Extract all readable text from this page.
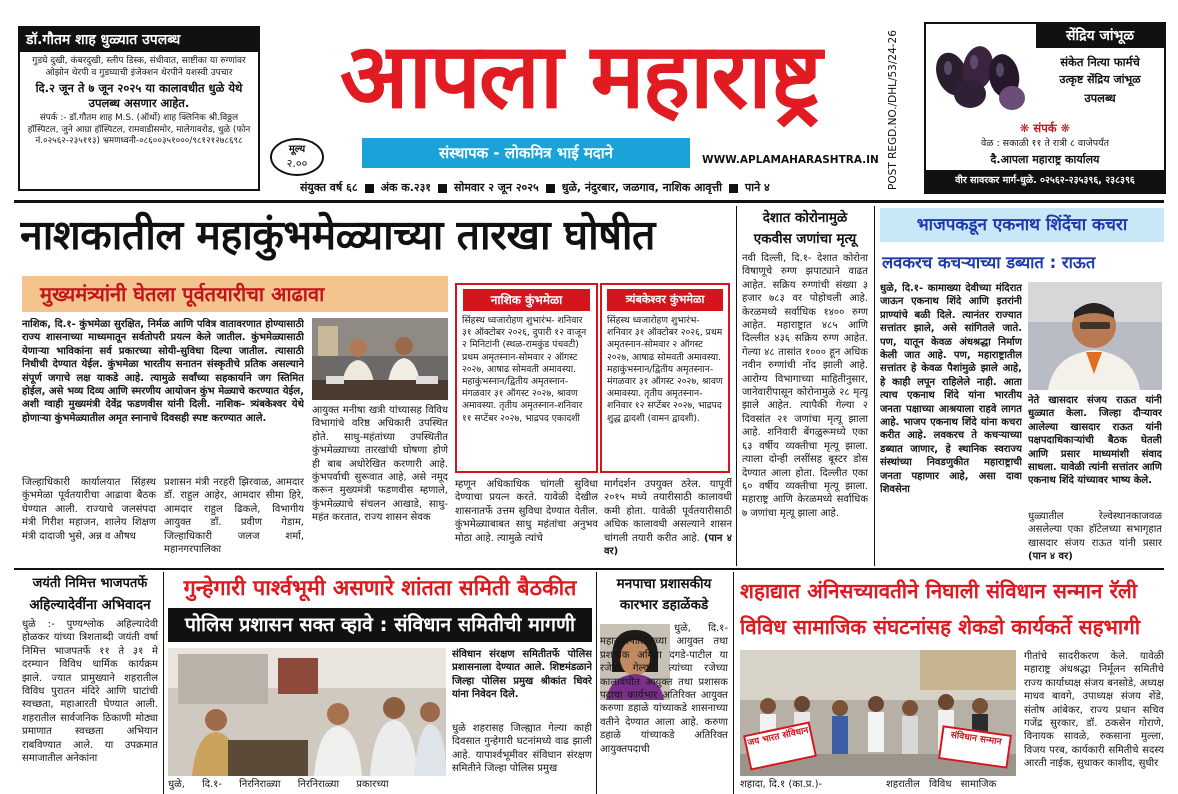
डॉ.गौतम शाह धुळ्यात उपलब्ध
गुडघे दुखी, कंबरदुखी, स्लीप डिस्क, संधीवात, साष्टीका या रुग्णांवर ओझोन थेरपी व गुडघ्याची इंजेक्शन थेरपीने यशस्वी उपचार
दि.२ जून ते ७ जून २०२५ या कालावधीत धुळे येथे उपलब्ध असणार आहेत.
संपर्क :- डॉ.गौतम शाह M.S. (ऑर्थो) शाह क्लिनिक श्री.विठ्ठल हॉस्पिटल, जुने आग्रा हॉस्पिटल, रामवाडीसमोर, मालेगावरोड, धुळे (फोन नं.०२५६२-२३५११३) भ्रमणध्वनी-०८६००३५१०००/९८१२१२७८६९८
मूल्य
२.००
आपला महाराष्ट्र
संस्थापक - लोकमित्र भाई मदाने	WWW.APLAMAHARASHTRA.IN
संयुक्त वर्ष ६८ अंक क.२३१ सोमवार २ जून २०२५ धुळे, नंदुरबार, जळगाव, नाशिक आवृत्ती पाने ४	POST REGD.NO./DHL/53/24-26	सेंद्रिय जांभूळ
संकेत नित्या फार्मचे
उत्कृष्ट सेंद्रिय जांभूळ
उपलब्ध
❋ संपर्क ❋
वेळ : सकाळी ११ ते रात्री ८ वाजेपर्यंत
दै.आपला महाराष्ट्र कार्यालय
वीर सावरकर मार्ग-धुळे. ०२५६२-२३५३९६, २३८३९६
नाशकातील महाकुंभमेळ्याच्या तारखा घोषीत
मुख्यमंत्र्यांनी घेतला पूर्वतयारीचा आढावा
नाशिक, दि.१- कुंभमेळा सुरक्षित, निर्मळ आणि पवित्र वातावरणात होण्यासाठी राज्य शासनाच्या माध्यमातून सर्वतोपरी प्रयत्न केले जातील. कुंभमेळ्यासाठी येणाऱ्या भाविकांना सर्व प्रकारच्या सोयी-सुविधा दिल्या जातील. त्यासाठी निधीची देण्यात येईल. कुंभमेळा भारतीय सनातन संस्कृतीचे प्रतिक असल्याने संपूर्ण जगाचे लक्ष याकडे आहे. त्यामुळे सर्वांच्या सहकार्याने जग स्तिमित होईल, असे भव्य दिव्य आणि स्मरणीय आयोजन कुंभ मेळ्याचे करण्यात येईल, अशी ग्वाही मुख्यमंत्री देवेंद्र फडणवीस यांनी दिली. नाशिक- त्र्यंबकेश्वर येथे होणाऱ्या कुंभमेळ्यातील अमृत स्नानाचे दिवसही स्पष्ट करण्यात आले.
नाशिक कुंभमेळा
सिंहस्थ ध्वजारोहण शुभारंभ- शनिवार ३१ ऑक्टोबर २०२६, दुपारी १२ वाजून २ मिनिटांनी (स्थळ-रामकुंड पंचवटी) प्रथम अमृतस्नान-सोमवार २ ऑगस्ट २०२७, आषाढ सोमवती अमावस्या. महाकुंभस्नान/द्वितीय अमृतस्नान-मंगळवार ३१ ऑगस्ट २०२७, श्रावण अमावस्या. तृतीय अमृतस्नान-शनिवार ११ सप्टेंबर २०२७, भाद्रपद एकादशी
त्र्यंबकेश्वर कुंभमेळा
सिंहस्थ ध्वजारोहण शुभारंभ- शनिवार ३१ ऑक्टोबर २०२६, प्रथम अमृतस्नान-सोमवार २ ऑगस्ट २०२७, आषाढ सोमवती अमावस्या. महाकुंभस्नान/द्वितीय अमृतस्नान-मंगळवार ३१ ऑगस्ट २०२७, श्रावण अमावस्या. तृतीय अमृतस्नान-शनिवार १२ सप्टेंबर २०२७, भाद्रपद शुद्ध द्वादशी (वामन द्वादशी).
जिल्हाधिकारी कार्यालयात सिंहस्थ कुंभमेळा पूर्वतयारीचा आढावा बैठक घेण्यात आली. राज्याचे जलसंपदा मंत्री गिरीश महाजन, शालेय शिक्षण मंत्री दादाजी भुसे, अन्न व औषध
प्रशासन मंत्री नरहरी झिरवाळ, आमदार डॉ. राहुल आहेर, आमदार सीमा हिरे, आमदार राहुल ढिकले, विभागीय आयुक्त डॉ. प्रवीण गेडाम, जिल्हाधिकारी जलज शर्मा, महानगरपालिका
आयुक्त मनीषा खत्री यांच्यासह विविध विभागांचे वरिष्ठ अधिकारी उपस्थित होते. साधु-महंतांच्या उपस्थितीत कुंभमेळ्याच्या तारखांची घोषणा होणे ही बाब अधोरेखित करणारी आहे. कुंभपर्वाची सुरूवात आहे, असे नमूद करून मुख्यमंत्री फडणवीस म्हणाले, कुंभमेळ्याचे संचलन आखाडे, साधु-महंत करतात, राज्य शासन सेवक
म्हणून अधिकाधिक चांगली सुविधा देण्याचा प्रयत्न करते. यावेळी देखील शासनातर्फे उत्तम सुविधा देण्यात येतील. कुंभमेळ्याबाबत साधु महंतांचा अनुभव मोठा आहे. त्यामुळे त्यांचे
मार्गदर्शन उपयुक्त ठरेल. यापूर्वी २०१५ मध्ये तयारीसाठी कालावधी कमी होता. यावेळी पूर्वतयारीसाठी अधिक कालावधी असल्याने शासन चांगली तयारी करीत आहे. (पान ४ वर)
देशात कोरोनामुळे
एकवीस जणांचा मृत्यू
नवी दिल्ली, दि.१- देशात कोरोना विषाणूचे रुग्ण झपाट्याने वाढत आहेत. सक्रिय रुग्णांची संख्या ३ हजार ७८३ वर पोहोचली आहे. केरळमध्ये सर्वाधिक १४०० रुग्ण आहेत. महाराष्ट्रात ४८५ आणि दिल्लीत ४३६ सक्रिय रुग्ण आहेत. गेल्या ४८ तासांत १००० हून अधिक नवीन रुग्णांची नोंद झाली आहे. आरोग्य विभागाच्या माहितीनुसार, जानेवारीपासून कोरोनामुळे २८ मृत्यू झाले आहेत. त्यापैकी गेल्या २ दिवसांत २१ जणांचा मृत्यू झाला आहे. शनिवारी बेंगळुरूमध्ये एका ६३ वर्षीय व्यक्तीचा मृत्यू झाला. त्याला दोन्ही लसींसह बूस्टर डोस देण्यात आला होता. दिल्लीत एका ६० वर्षीय व्यक्तीचा मृत्यू झाला. महाराष्ट्र आणि केरळमध्ये सर्वाधिक ७ जणांचा मृत्यू झाला आहे.
भाजपकडून एकनाथ शिंदेंचा कचरा
लवकरच कचऱ्याच्या डब्यात : राऊत
धुळे, दि.१- कामाख्या देवीच्या मंदिरात जाऊन एकनाथ शिंदे आणि इतरांनी प्राण्यांचे बळी दिले. त्यानंतर राज्यात सत्तांतर झाले, असे सांगितले जाते. पण, यातून केवळ अंधश्रद्धा निर्माण केली जात आहे. पण, महाराष्ट्रातील सत्तांतर हे केवळ पैशांमुळे झाले आहे, हे काही लपून राहिलेले नाही. आता त्याच एकनाथ शिंदे यांना भारतीय जनता पक्षाच्या आश्रयाला राहवे लागत आहे. भाजप एकनाथ शिंदे यांना कचरा करीत आहे. लवकरच ते कचऱ्याच्या डब्यात जाणार, हे स्थानिक स्वराज्य संस्थांच्या निवडणुकीत महाराष्ट्राची जनता पहाणार आहे, असा दावा शिवसेना
नेते खासदार संजय राऊत यांनी धुळ्यात केला. जिल्हा दौऱ्यावर आलेल्या खासदार राऊत यांनी पक्षपदाधिकाऱ्यांची बैठक घेतली आणि प्रसार माध्यमांशी संवाद साधला. यावेळी त्यांनी सत्तांतर आणि एकनाथ शिंदे यांच्यावर भाष्य केले.
धुळ्यातील रेल्वेस्थानकाजवळ असलेल्या एका हॉटेलच्या सभागृहात खासदार संजय राऊत यांनी प्रसार (पान ४ वर)
जयंती निमित्त भाजपतर्फे
अहिल्यादेवींना अभिवादन
धुळे :- पुण्यश्लोक अहिल्यादेवी होळकर यांच्या त्रिशताब्दी जयंती वर्षा निमित्त भाजपतर्फे ११ ते ३१ मे दरम्यान विविध धार्मिक कार्यक्रम झाले. ज्यात प्रामुख्याने शहरातील विविध पुरातन मंदिरे आणि घाटांची स्वच्छता, महाआरती घेण्यात आली. शहरातील सार्वजनिक ठिकाणी मोठ्या प्रमाणात स्वच्छता अभियान राबविण्यात आले. या उपक्रमात समाजातील अनेकांना
गुन्हेगारी पार्श्वभूमी असणारे शांतता समिती बैठकीत
पोलिस प्रशासन सक्त व्हावे : संविधान समितीची मागणी
संविधान संरक्षण समितीतर्फे पोलिस प्रशासनाला देण्यात आले. शिष्टमंडळाने जिल्हा पोलिस प्रमुख श्रीकांत धिवरे यांना निवेदन दिले.
धुळे शहरासह जिल्ह्यात गेल्या काही दिवसात गुन्हेगारी घटनांमध्ये वाढ झाली आहे. यापार्श्वभूमीवर संविधान संरक्षण समितीने जिल्हा पोलिस प्रमुख
धुळे, दि.१- निरनिराळ्या निरनिराळ्या प्रकारच्या
मनपाचा प्रशासकीय
कारभार डहाळेंकडे
धुळे, दि.१-महानगरपालिकेच्या आयुक्त तथा प्रशासक अमिता दगडे-पाटील या रजेवर गेल्याने त्यांच्या रजेच्या कालावधीत आयुक्त तथा प्रशासक पदाचा कार्यभार अतिरिक्त आयुक्त करुणा डहाळे यांच्याकडे शासनाच्या वतीने देण्यात आला आहे. करुणा डहाळे यांच्याकडे अतिरिक्त आयुक्तपदाची
शहाद्यात अंनिसच्यावतीने निघाली संविधान सन्मान रॅली
विविध सामाजिक संघटनांसह शेकडो कार्यकर्ते सहभागी
जय भारत संविधान	संविधान सन्मान
गीतांचे सादरीकरण केले. यावेळी महाराष्ट्र अंधश्रद्धा निर्मूलन समितीचे राज्य कार्याध्यक्ष संजय बनसोडे, अध्यक्ष माधव बावगे, उपाध्यक्ष संजय शेंडे, संतोष आंबेकर, राज्य प्रधान सचिव गजेंद्र सुरकार, डॉ. ठकसेन गोराणे, विनायक सावळे, रुकसाना मुल्ला, विजय परब, कार्यकारी समितीचे सदस्य आरती नाईक, सुधाकर काशीद, सुधीर
शहादा, दि.१ (का.प्र.)-	शहरातील विविध सामाजिक
